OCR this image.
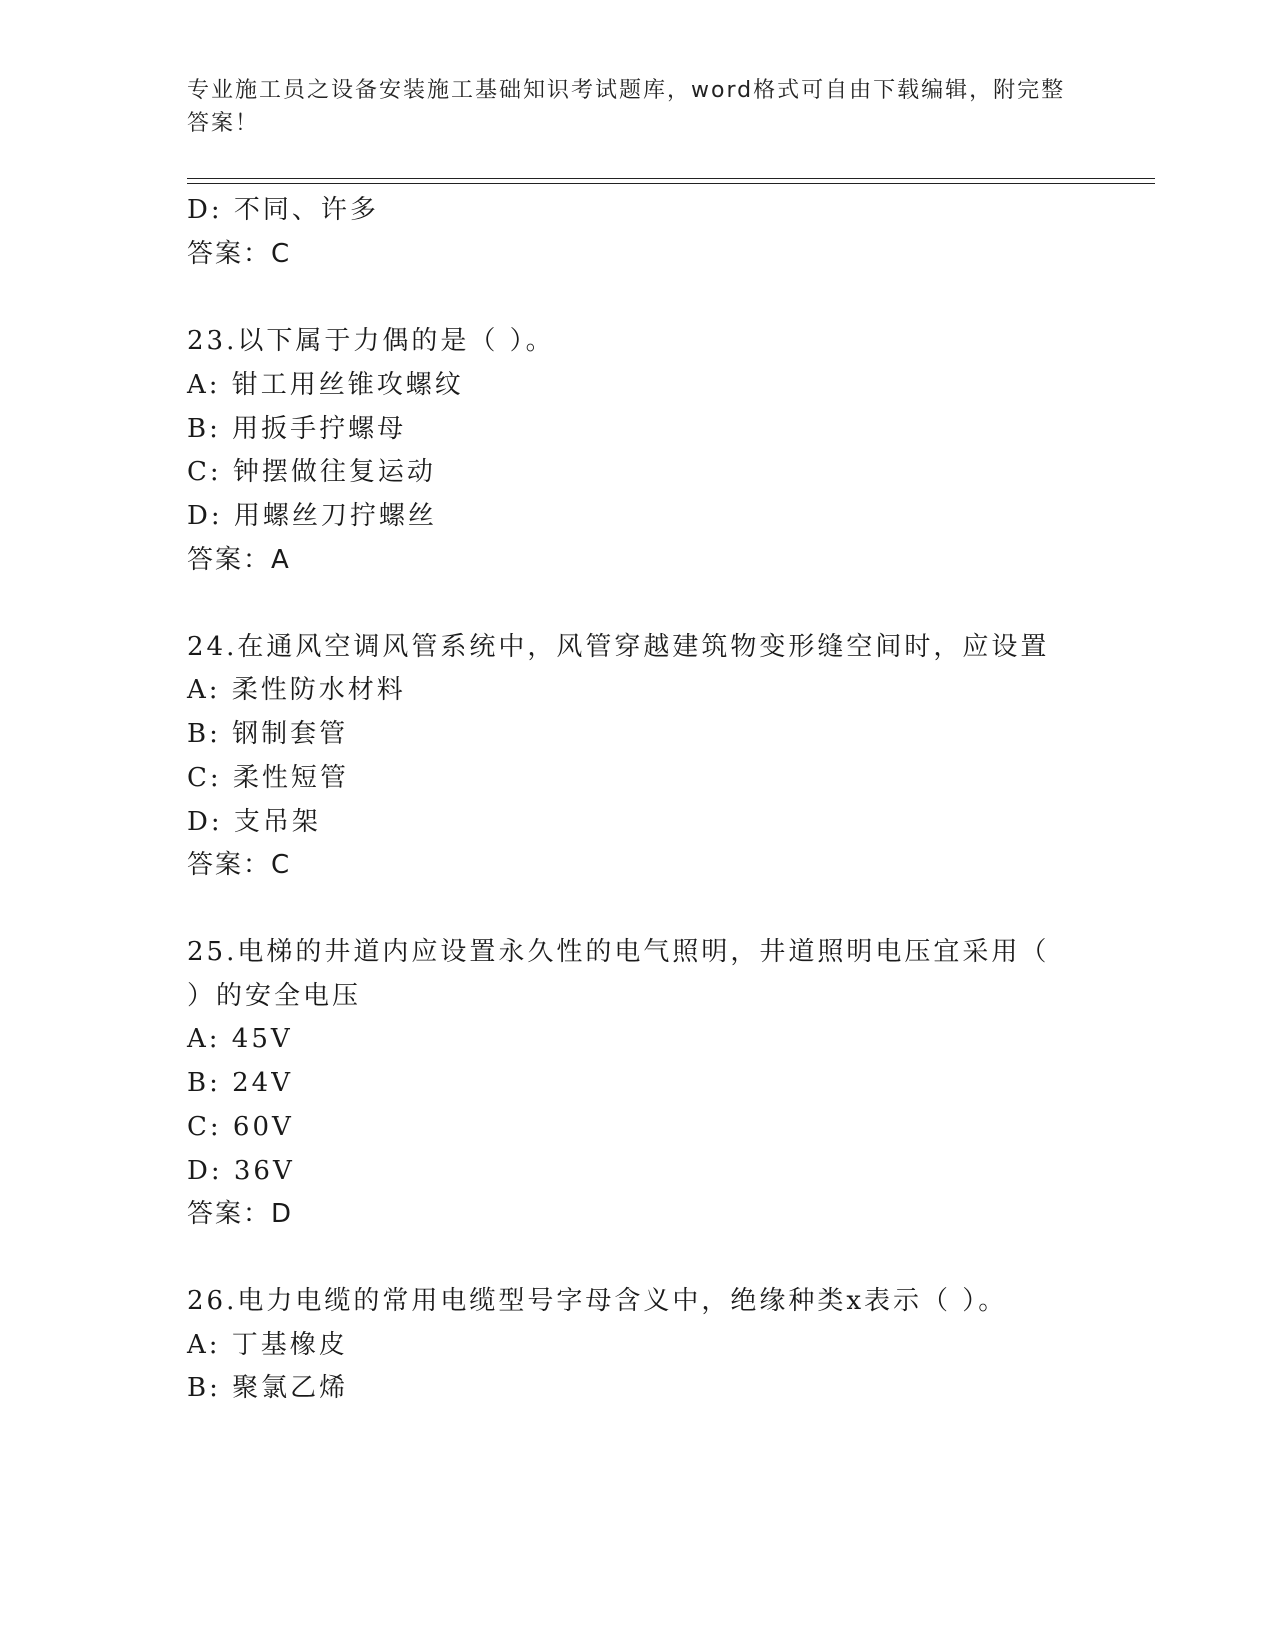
专业施工员之设备安装施工基础知识考试题库，word格式可自由下载编辑，附完整答案！
D: 不同、许多
答案：C
23.以下属于力偶的是（ ）。
A: 钳工用丝锥攻螺纹
B: 用扳手拧螺母
C: 钟摆做往复运动
D: 用螺丝刀拧螺丝
答案：A
24.在通风空调风管系统中，风管穿越建筑物变形缝空间时，应设置
A: 柔性防水材料
B: 钢制套管
C: 柔性短管
D: 支吊架
答案：C
25.电梯的井道内应设置永久性的电气照明，井道照明电压宜采用（
）的安全电压
A: 45V
B: 24V
C: 60V
D: 36V
答案：D
26.电力电缆的常用电缆型号字母含义中，绝缘种类x表示（ ）。
A: 丁基橡皮
B: 聚氯乙烯
